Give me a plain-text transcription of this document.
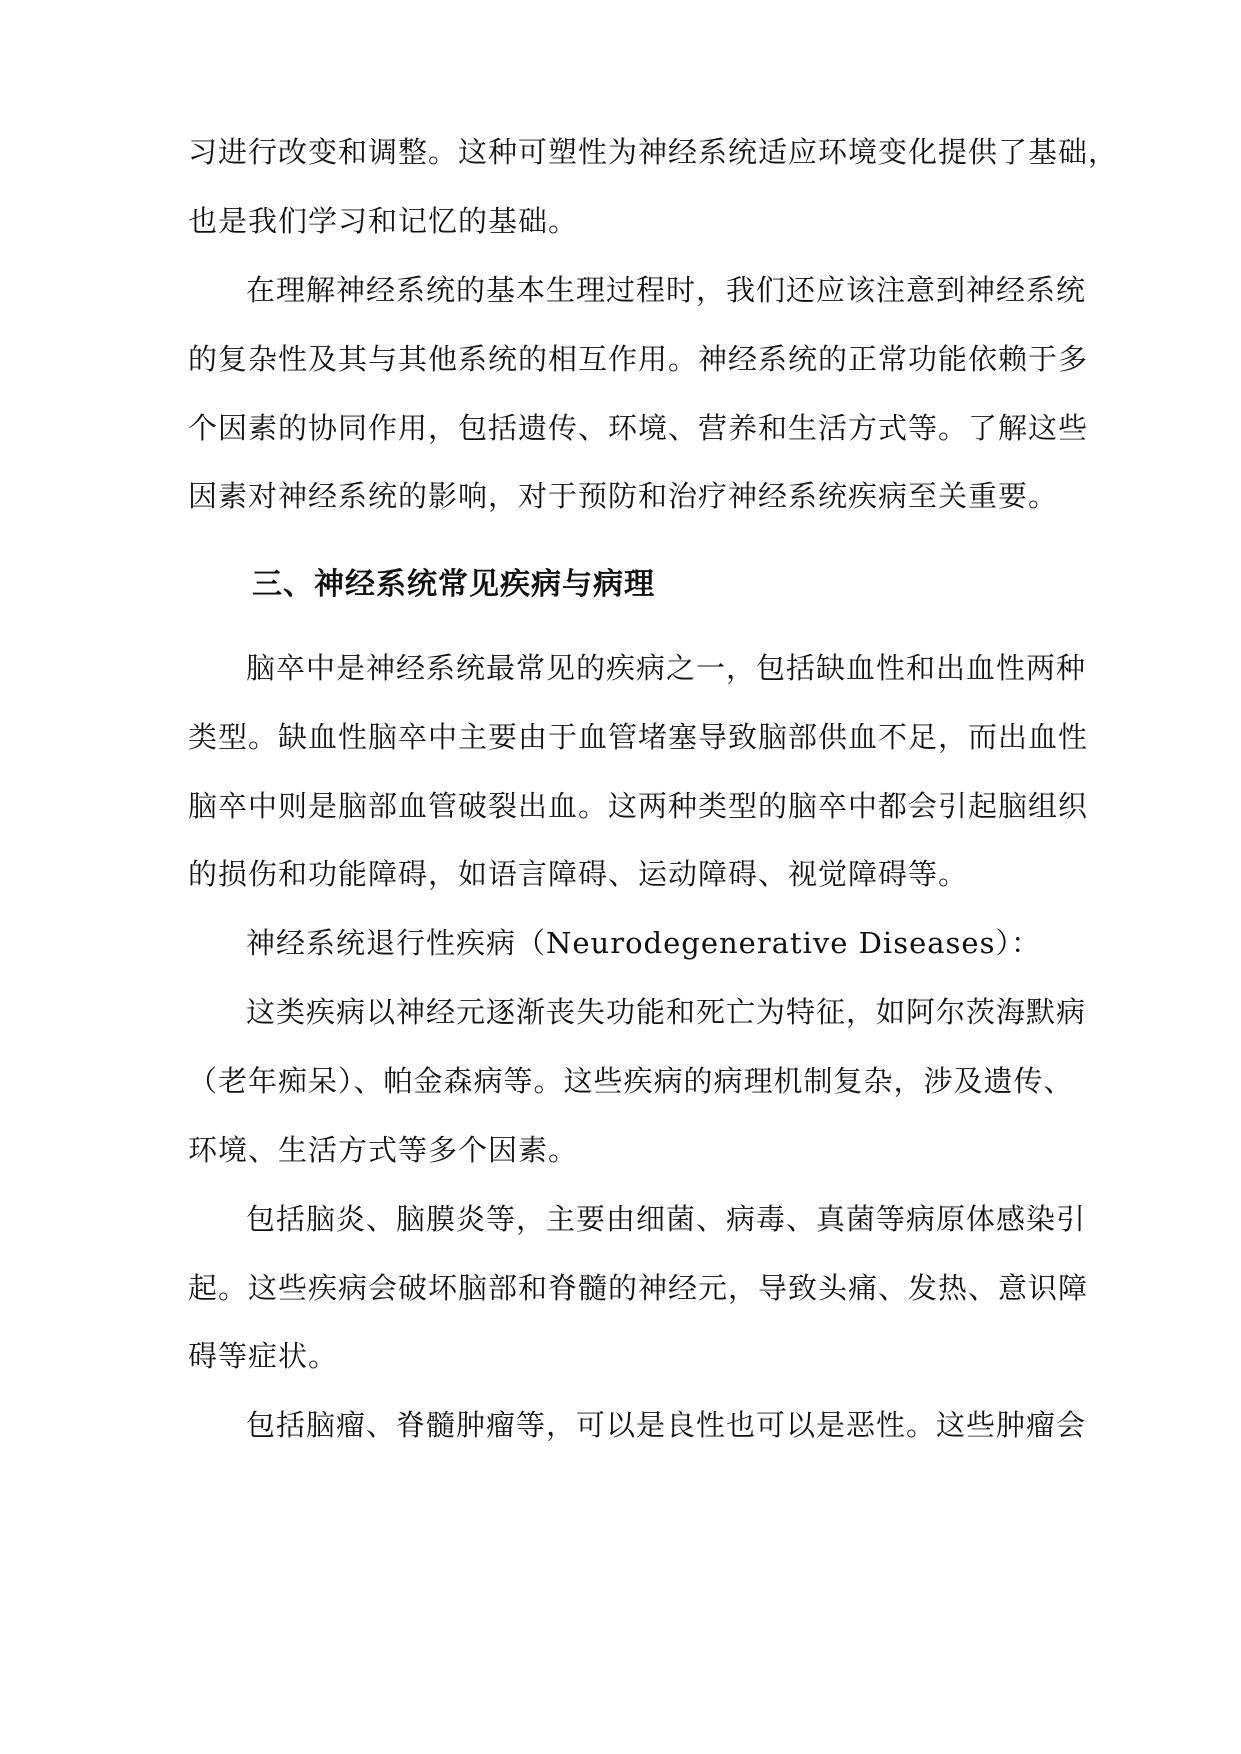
习进行改变和调整。这种可塑性为神经系统适应环境变化提供了基础，
也是我们学习和记忆的基础。
在理解神经系统的基本生理过程时，我们还应该注意到神经系统
的复杂性及其与其他系统的相互作用。神经系统的正常功能依赖于多
个因素的协同作用，包括遗传、环境、营养和生活方式等。了解这些
因素对神经系统的影响，对于预防和治疗神经系统疾病至关重要。
三、神经系统常见疾病与病理
脑卒中是神经系统最常见的疾病之一，包括缺血性和出血性两种
类型。缺血性脑卒中主要由于血管堵塞导致脑部供血不足，而出血性
脑卒中则是脑部血管破裂出血。这两种类型的脑卒中都会引起脑组织
的损伤和功能障碍，如语言障碍、运动障碍、视觉障碍等。
神经系统退行性疾病（Neurodegenerative Diseases）：
这类疾病以神经元逐渐丧失功能和死亡为特征，如阿尔茨海默病
（老年痴呆）、帕金森病等。这些疾病的病理机制复杂，涉及遗传、
环境、生活方式等多个因素。
包括脑炎、脑膜炎等，主要由细菌、病毒、真菌等病原体感染引
起。这些疾病会破坏脑部和脊髓的神经元，导致头痛、发热、意识障
碍等症状。
包括脑瘤、脊髓肿瘤等，可以是良性也可以是恶性。这些肿瘤会
